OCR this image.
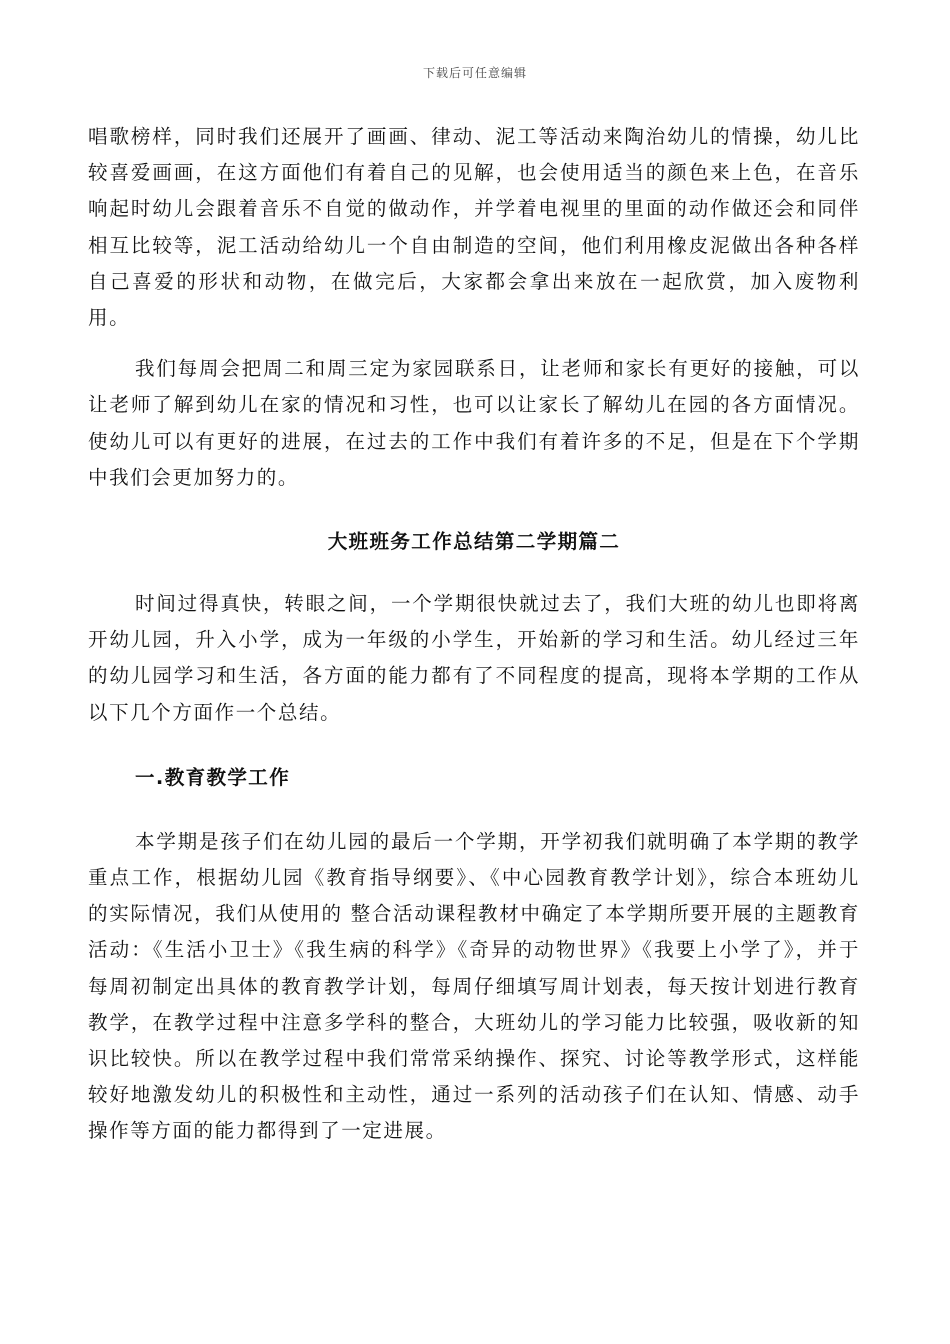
下载后可任意编辑

唱歌榜样，同时我们还展开了画画、律动、泥工等活动来陶治幼儿的情操，幼儿比较喜爱画画，在这方面他们有着自己的见解，也会使用适当的颜色来上色，在音乐响起时幼儿会跟着音乐不自觉的做动作，并学着电视里的里面的动作做还会和同伴相互比较等，泥工活动给幼儿一个自由制造的空间，他们利用橡皮泥做出各种各样自己喜爱的形状和动物，在做完后，大家都会拿出来放在一起欣赏，加入废物利用。

我们每周会把周二和周三定为家园联系日，让老师和家长有更好的接触，可以让老师了解到幼儿在家的情况和习性，也可以让家长了解幼儿在园的各方面情况。使幼儿可以有更好的进展，在过去的工作中我们有着许多的不足，但是在下个学期中我们会更加努力的。

大班班务工作总结第二学期篇二

时间过得真快，转眼之间，一个学期很快就过去了，我们大班的幼儿也即将离开幼儿园，升入小学，成为一年级的小学生，开始新的学习和生活。幼儿经过三年的幼儿园学习和生活，各方面的能力都有了不同程度的提高，现将本学期的工作从以下几个方面作一个总结。

一.教育教学工作

本学期是孩子们在幼儿园的最后一个学期，开学初我们就明确了本学期的教学重点工作，根据幼儿园《教育指导纲要》、《中心园教育教学计划》，综合本班幼儿的实际情况，我们从使用的 整合活动课程教材中确定了本学期所要开展的主题教育活动：《生活小卫士》《我生病的科学》《奇异的动物世界》《我要上小学了》，并于每周初制定出具体的教育教学计划，每周仔细填写周计划表，每天按计划进行教育教学，在教学过程中注意多学科的整合，大班幼儿的学习能力比较强，吸收新的知识比较快。所以在教学过程中我们常常采纳操作、探究、讨论等教学形式，这样能较好地激发幼儿的积极性和主动性，通过一系列的活动孩子们在认知、情感、动手操作等方面的能力都得到了一定进展。
